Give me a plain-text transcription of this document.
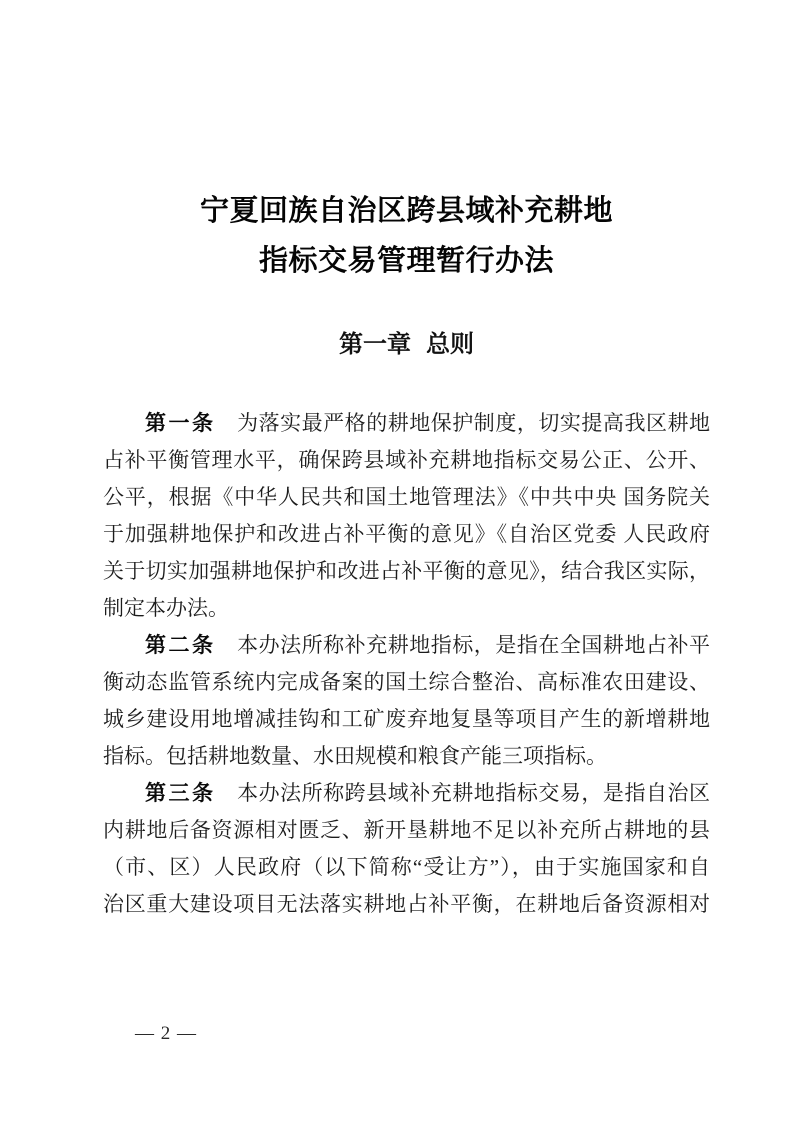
宁夏回族自治区跨县域补充耕地
指标交易管理暂行办法
第一章 总则
第一条　为落实最严格的耕地保护制度，切实提高我区耕地
占补平衡管理水平，确保跨县域补充耕地指标交易公正、公开、
公平，根据《中华人民共和国土地管理法》《中共中央 国务院关
于加强耕地保护和改进占补平衡的意见》《自治区党委 人民政府
关于切实加强耕地保护和改进占补平衡的意见》，结合我区实际，
制定本办法。
第二条　本办法所称补充耕地指标，是指在全国耕地占补平
衡动态监管系统内完成备案的国土综合整治、高标准农田建设、
城乡建设用地增减挂钩和工矿废弃地复垦等项目产生的新增耕地
指标。包括耕地数量、水田规模和粮食产能三项指标。
第三条　本办法所称跨县域补充耕地指标交易，是指自治区
内耕地后备资源相对匮乏、新开垦耕地不足以补充所占耕地的县
（市、区）人民政府（以下简称“受让方”），由于实施国家和自
治区重大建设项目无法落实耕地占补平衡，在耕地后备资源相对
— 2 —
